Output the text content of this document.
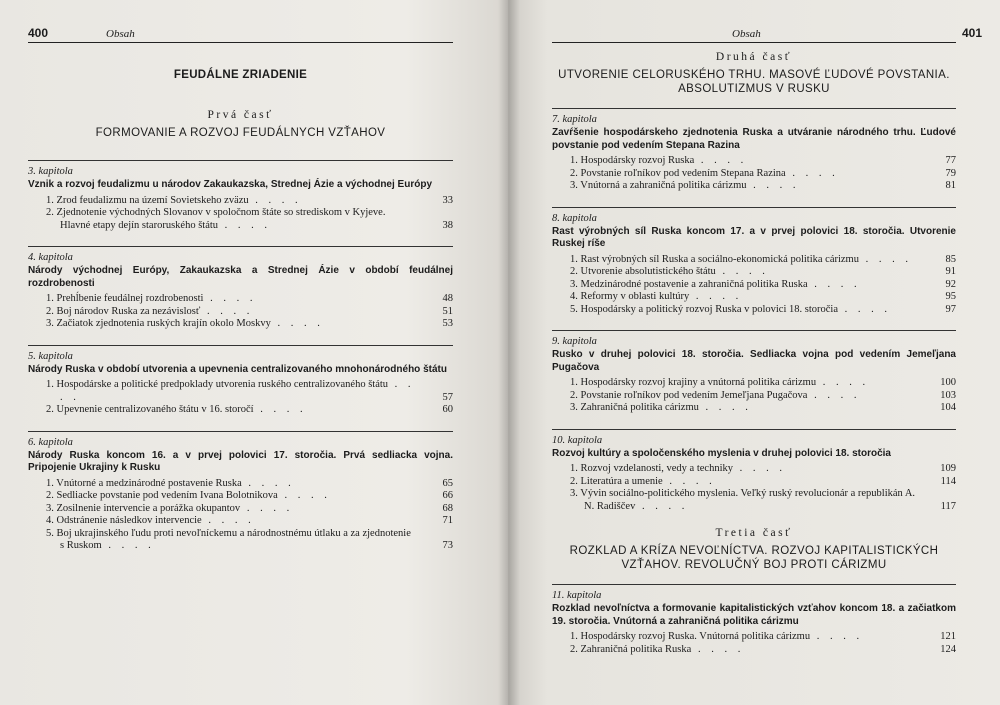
400	Obsah
FEUDÁLNE ZRIADENIE
Prvá časť
FORMOVANIE A ROZVOJ FEUDÁLNYCH VZŤAHOV
3. kapitola
Vznik a rozvoj feudalizmu u národov Zakaukazska, Strednej Ázie a východnej Európy
1. Zrod feudalizmu na území Sovietskeho zväzu . . . .	33
2. Zjednotenie východných Slovanov v spoločnom štáte so strediskom v Kyjeve. Hlavné etapy dejín staroruského štátu . . . .	38
4. kapitola
Národy východnej Európy, Zakaukazska a Strednej Ázie v období feudálnej rozdrobenosti
1. Prehĺbenie feudálnej rozdrobenosti . . . .	48
2. Boj národov Ruska za nezávislosť . . . .	51
3. Začiatok zjednotenia ruských krajín okolo Moskvy . . . .	53
5. kapitola
Národy Ruska v období utvorenia a upevnenia centralizovaného mnohonárodného štátu
1. Hospodárske a politické predpoklady utvorenia ruského centralizovaného štátu . . . .	57
2. Upevnenie centralizovaného štátu v 16. storočí . . . .	60
6. kapitola
Národy Ruska koncom 16. a v prvej polovici 17. storočia. Prvá sedliacka vojna. Pripojenie Ukrajiny k Rusku
1. Vnútorné a medzinárodné postavenie Ruska . . . .	65
2. Sedliacke povstanie pod vedením Ivana Bolotnikova . . . .	66
3. Zosilnenie intervencie a porážka okupantov . . . .	68
4. Odstránenie následkov intervencie . . . .	71
5. Boj ukrajinského ľudu proti nevoľníckemu a národnostnému útlaku a za zjednotenie s Ruskom . . . .	73
Obsah	401
Druhá časť
UTVORENIE CELORUSKÉHO TRHU. MASOVÉ ĽUDOVÉ POVSTANIA. ABSOLUTIZMUS V RUSKU
7. kapitola
Zavŕšenie hospodárskeho zjednotenia Ruska a utváranie národného trhu. Ľudové povstanie pod vedením Stepana Razina
1. Hospodársky rozvoj Ruska . . . .	77
2. Povstanie roľníkov pod vedením Stepana Razina . . . .	79
3. Vnútorná a zahraničná politika cárizmu . . . .	81
8. kapitola
Rast výrobných síl Ruska koncom 17. a v prvej polovici 18. storočia. Utvorenie Ruskej ríše
1. Rast výrobných síl Ruska a sociálno-ekonomická politika cárizmu . . . .	85
2. Utvorenie absolutistického štátu . . . .	91
3. Medzinárodné postavenie a zahraničná politika Ruska . . . .	92
4. Reformy v oblasti kultúry . . . .	95
5. Hospodársky a politický rozvoj Ruska v polovici 18. storočia . . . .	97
9. kapitola
Rusko v druhej polovici 18. storočia. Sedliacka vojna pod vedením Jemeľjana Pugačova
1. Hospodársky rozvoj krajiny a vnútorná politika cárizmu . . . .	100
2. Povstanie roľníkov pod vedením Jemeľjana Pugačova . . . .	103
3. Zahraničná politika cárizmu . . . .	104
10. kapitola
Rozvoj kultúry a spoločenského myslenia v druhej polovici 18. storočia
1. Rozvoj vzdelanosti, vedy a techniky . . . .	109
2. Literatúra a umenie . . . .	114
3. Vývin sociálno-politického myslenia. Veľký ruský revolucionár a republikán A. N. Radiščev . . . .	117
Tretia časť
ROZKLAD A KRÍZA NEVOĽNÍCTVA. ROZVOJ KAPITALISTICKÝCH VZŤAHOV. REVOLUČNÝ BOJ PROTI CÁRIZMU
11. kapitola
Rozklad nevoľníctva a formovanie kapitalistických vzťahov koncom 18. a začiatkom 19. storočia. Vnútorná a zahraničná politika cárizmu
1. Hospodársky rozvoj Ruska. Vnútorná politika cárizmu . . . .	121
2. Zahraničná politika Ruska . . . .	124
